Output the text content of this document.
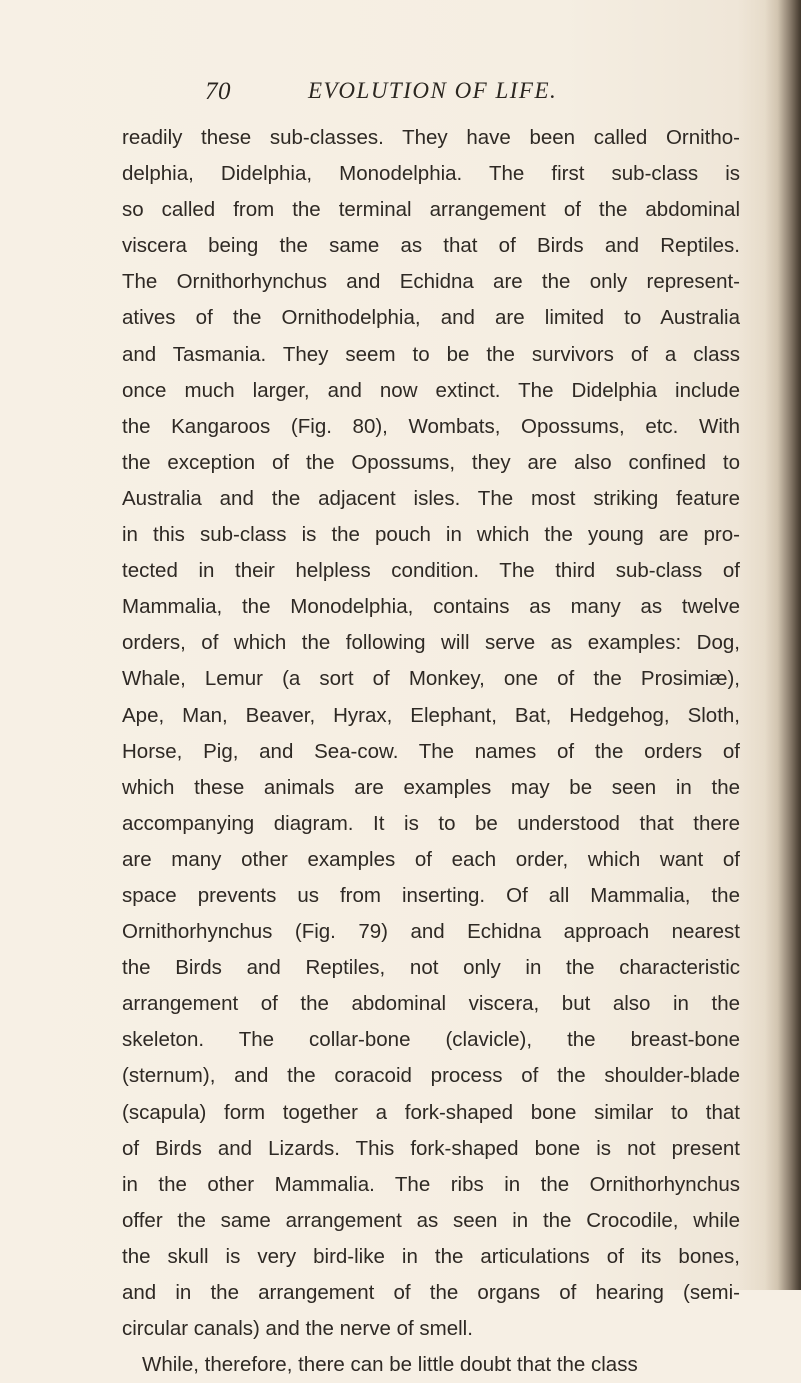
70	EVOLUTION OF LIFE.
readily these sub-classes. They have been called Ornitho-
delphia, Didelphia, Monodelphia. The first sub-class is
so called from the terminal arrangement of the abdominal
viscera being the same as that of Birds and Reptiles.
The Ornithorhynchus and Echidna are the only represent-
atives of the Ornithodelphia, and are limited to Australia
and Tasmania. They seem to be the survivors of a class
once much larger, and now extinct. The Didelphia include
the Kangaroos (Fig. 80), Wombats, Opossums, etc. With
the exception of the Opossums, they are also confined to
Australia and the adjacent isles. The most striking feature
in this sub-class is the pouch in which the young are pro-
tected in their helpless condition. The third sub-class of
Mammalia, the Monodelphia, contains as many as twelve
orders, of which the following will serve as examples: Dog,
Whale, Lemur (a sort of Monkey, one of the Prosimiæ),
Ape, Man, Beaver, Hyrax, Elephant, Bat, Hedgehog, Sloth,
Horse, Pig, and Sea-cow. The names of the orders of
which these animals are examples may be seen in the
accompanying diagram. It is to be understood that there
are many other examples of each order, which want of
space prevents us from inserting. Of all Mammalia, the
Ornithorhynchus (Fig. 79) and Echidna approach nearest
the Birds and Reptiles, not only in the characteristic
arrangement of the abdominal viscera, but also in the
skeleton. The collar-bone (clavicle), the breast-bone
(sternum), and the coracoid process of the shoulder-blade
(scapula) form together a fork-shaped bone similar to that
of Birds and Lizards. This fork-shaped bone is not present
in the other Mammalia. The ribs in the Ornithorhynchus
offer the same arrangement as seen in the Crocodile, while
the skull is very bird-like in the articulations of its bones,
and in the arrangement of the organs of hearing (semi-
circular canals) and the nerve of smell.
While, therefore, there can be little doubt that the class
